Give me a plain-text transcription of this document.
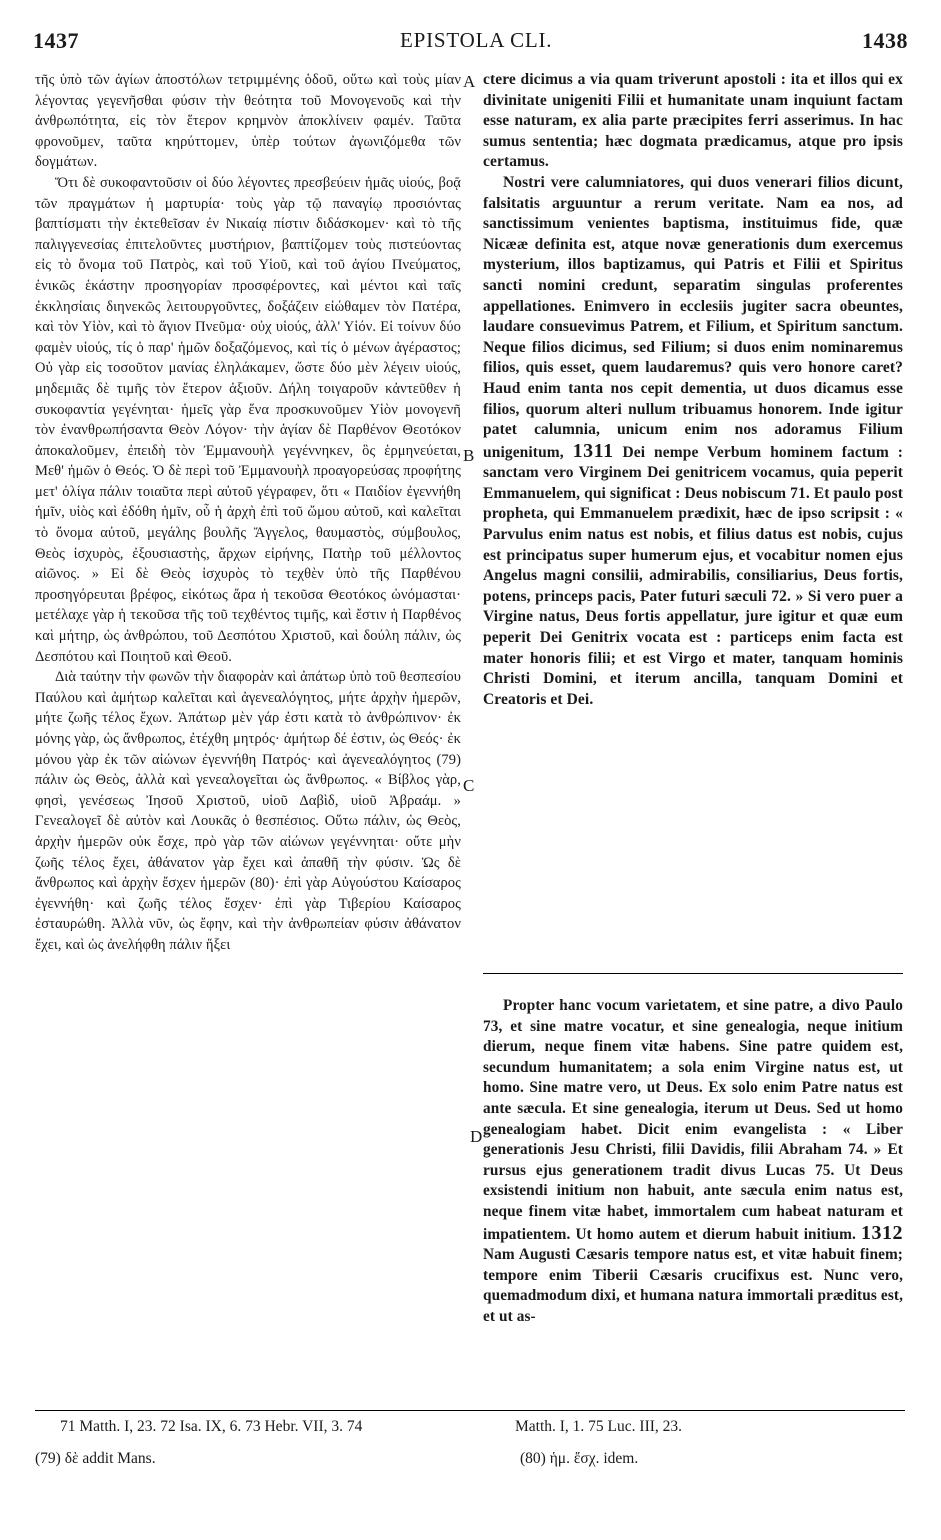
1437	EPISTOLA CLI.	1438

τῆς ὑπὸ τῶν ἁγίων ἀποστόλων τετριμμένης ὁδοῦ, οὕτω καὶ τοὺς μίαν λέγοντας γεγενῆσθαι φύσιν τὴν θεότητα τοῦ Μονογενοῦς καὶ τὴν ἀνθρωπότητα, εἰς τὸν ἕτερον κρημνὸν ἀποκλίνειν φαμέν. Ταῦτα φρονοῦμεν, ταῦτα κηρύττομεν, ὑπὲρ τούτων ἀγωνιζόμεθα τῶν δογμάτων.

Ὅτι δὲ συκοφαντοῦσιν οἱ δύο λέγοντες πρεσβεύειν ἡμᾶς υἱούς, βοᾷ τῶν πραγμάτων ἡ μαρτυρία· τοὺς γὰρ τῷ παναγίῳ προσιόντας βαπτίσματι τὴν ἐκτεθεῖσαν ἐν Νικαίᾳ πίστιν διδάσκομεν· καὶ τὸ τῆς παλιγγενεσίας ἐπιτελοῦντες μυστήριον, βαπτίζομεν τοὺς πιστεύοντας εἰς τὸ ὄνομα τοῦ Πατρὸς, καὶ τοῦ Υἱοῦ, καὶ τοῦ ἁγίου Πνεύματος, ἑνικῶς ἑκάστην προσηγορίαν προσφέροντες, καὶ μέντοι καὶ ταῖς ἐκκλησίαις διηνεκῶς λειτουργοῦντες, δοξάζειν εἰώθαμεν τὸν Πατέρα, καὶ τὸν Υἱὸν, καὶ τὸ ἅγιον Πνεῦμα· οὐχ υἱούς, ἀλλ' Υἱόν. Εἰ τοίνυν δύο φαμὲν υἱούς, τίς ὁ παρ' ἡμῶν δοξαζόμενος, καὶ τίς ὁ μένων ἀγέραστος; Οὐ γὰρ εἰς τοσοῦτον μανίας ἐληλάκαμεν, ὥστε δύο μὲν λέγειν υἱούς, μηδεμιᾶς δὲ τιμῆς τὸν ἕτερον ἀξιοῦν. Δήλη τοιγαροῦν κἀντεῦθεν ἡ συκοφαντία γεγένηται· ἡμεῖς γὰρ ἕνα προσκυνοῦμεν Υἱὸν μονογενῆ τὸν ἐνανθρωπήσαντα Θεὸν Λόγον· τὴν ἁγίαν δὲ Παρθένον Θεοτόκον ἀποκαλοῦμεν, ἐπειδὴ τὸν Ἐμμανουὴλ γεγέννηκεν, ὃς ἑρμηνεύεται, Μεθ' ἡμῶν ὁ Θεός. Ὁ δὲ περὶ τοῦ Ἐμμανουὴλ προαγορεύσας προφήτης μετ' ὀλίγα πάλιν τοιαῦτα περὶ αὐτοῦ γέγραφεν, ὅτι « Παιδίον ἐγεννήθη ἡμῖν, υἱὸς καὶ ἐδόθη ἡμῖν, οὗ ἡ ἀρχὴ ἐπὶ τοῦ ὤμου αὐτοῦ, καὶ καλεῖται τὸ ὄνομα αὐτοῦ, μεγάλης βουλῆς Ἄγγελος, θαυμαστὸς, σύμβουλος, Θεὸς ἰσχυρὸς, ἐξουσιαστὴς, ἄρχων εἰρήνης, Πατὴρ τοῦ μέλλοντος αἰῶνος. » Εἰ δὲ Θεὸς ἰσχυρὸς τὸ τεχθὲν ὑπὸ τῆς Παρθένου προσηγόρευται βρέφος, εἰκότως ἄρα ἡ τεκοῦσα Θεοτόκος ὠνόμασται· μετέλαχε γὰρ ἡ τεκοῦσα τῆς τοῦ τεχθέντος τιμῆς, καὶ ἔστιν ἡ Παρθένος καὶ μήτηρ, ὡς ἀνθρώπου, τοῦ Δεσπότου Χριστοῦ, καὶ δούλη πάλιν, ὡς Δεσπότου καὶ Ποιητοῦ καὶ Θεοῦ.

Διὰ ταύτην τὴν φωνῶν τὴν διαφορὰν καὶ ἀπάτωρ ὑπὸ τοῦ θεσπεσίου Παύλου καὶ ἀμήτωρ καλεῖται καὶ ἀγενεαλόγητος, μήτε ἀρχὴν ἡμερῶν, μήτε ζωῆς τέλος ἔχων. Ἀπάτωρ μὲν γάρ ἐστι κατὰ τὸ ἀνθρώπινον· ἐκ μόνης γὰρ, ὡς ἄνθρωπος, ἐτέχθη μητρός· ἀμήτωρ δέ ἐστιν, ὡς Θεός· ἐκ μόνου γὰρ ἐκ τῶν αἰώνων ἐγεννήθη Πατρός· καὶ ἀγενεαλόγητος (79) πάλιν ὡς Θεὸς, ἀλλὰ καὶ γενεαλογεῖται ὡς ἄνθρωπος. « Βίβλος γὰρ, φησὶ, γενέσεως Ἰησοῦ Χριστοῦ, υἱοῦ Δαβὶδ, υἱοῦ Ἀβραάμ. » Γενεαλογεῖ δὲ αὐτὸν καὶ Λουκᾶς ὁ θεσπέσιος. Οὕτω πάλιν, ὡς Θεὸς, ἀρχὴν ἡμερῶν οὐκ ἔσχε, πρὸ γὰρ τῶν αἰώνων γεγέννηται· οὔτε μὴν ζωῆς τέλος ἔχει, ἀθάνατον γὰρ ἔχει καὶ ἀπαθῆ τὴν φύσιν. Ὡς δὲ ἄνθρωπος καὶ ἀρχὴν ἔσχεν ἡμερῶν (80)· ἐπὶ γὰρ Αὐγούστου Καίσαρος ἐγεννήθη· καὶ ζωῆς τέλος ἔσχεν· ἐπὶ γὰρ Τιβερίου Καίσαρος ἐσταυρώθη. Ἀλλὰ νῦν, ὡς ἔφην, καὶ τὴν ἀνθρωπείαν φύσιν ἀθάνατον ἔχει, καὶ ὡς ἀνελήφθη πάλιν ἥξει

A
B
C
D

ctere dicimus a via quam triverunt apostoli : ita et illos qui ex divinitate unigeniti Filii et humanitate unam inquiunt factam esse naturam, ex alia parte præcipites ferri asserimus. In hac sumus sententia; hæc dogmata prædicamus, atque pro ipsis certamus.

Nostri vere calumniatores, qui duos venerari filios dicunt, falsitatis arguuntur a rerum veritate. Nam ea nos, ad sanctissimum venientes baptisma, instituimus fide, quæ Nicææ definita est, atque novæ generationis dum exercemus mysterium, illos baptizamus, qui Patris et Filii et Spiritus sancti nomini credunt, separatim singulas proferentes appellationes. Enimvero in ecclesiis jugiter sacra obeuntes, laudare consuevimus Patrem, et Filium, et Spiritum sanctum. Neque filios dicimus, sed Filium; si duos enim nominaremus filios, quis esset, quem laudaremus? quis vero honore caret? Haud enim tanta nos cepit dementia, ut duos dicamus esse filios, quorum alteri nullum tribuamus honorem. Inde igitur patet calumnia, unicum enim nos adoramus Filium unigenitum, 1311 Dei nempe Verbum hominem factum : sanctam vero Virginem Dei genitricem vocamus, quia peperit Emmanuelem, qui significat : Deus nobiscum 71. Et paulo post propheta, qui Emmanuelem prædixit, hæc de ipso scripsit : « Parvulus enim natus est nobis, et filius datus est nobis, cujus est principatus super humerum ejus, et vocabitur nomen ejus Angelus magni consilii, admirabilis, consiliarius, Deus fortis, potens, princeps pacis, Pater futuri sæculi 72. » Si vero puer a Virgine natus, Deus fortis appellatur, jure igitur et quæ eum peperit Dei Genitrix vocata est : particeps enim facta est mater honoris filii; et est Virgo et mater, tanquam hominis Christi Domini, et iterum ancilla, tanquam Domini et Creatoris et Dei.

Propter hanc vocum varietatem, et sine patre, a divo Paulo 73, et sine matre vocatur, et sine genealogia, neque initium dierum, neque finem vitæ habens. Sine patre quidem est, secundum humanitatem; a sola enim Virgine natus est, ut homo. Sine matre vero, ut Deus. Ex solo enim Patre natus est ante sæcula. Et sine genealogia, iterum ut Deus. Sed ut homo genealogiam habet. Dicit enim evangelista : « Liber generationis Jesu Christi, filii Davidis, filii Abraham 74. » Et rursus ejus generationem tradit divus Lucas 75. Ut Deus exsistendi initium non habuit, ante sæcula enim natus est, neque finem vitæ habet, immortalem cum habeat naturam et impatientem. Ut homo autem et dierum habuit initium. 1312 Nam Augusti Cæsaris tempore natus est, et vitæ habuit finem; tempore enim Tiberii Cæsaris crucifixus est. Nunc vero, quemadmodum dixi, et humana natura immortali præditus est, et ut as-

71 Matth. I, 23. 72 Isa. IX, 6. 73 Hebr. VII, 3. 74	Matth. I, 1. 75 Luc. III, 23.
(79) δὲ addit Mans.	(80) ἡμ. ἔσχ. idem.
